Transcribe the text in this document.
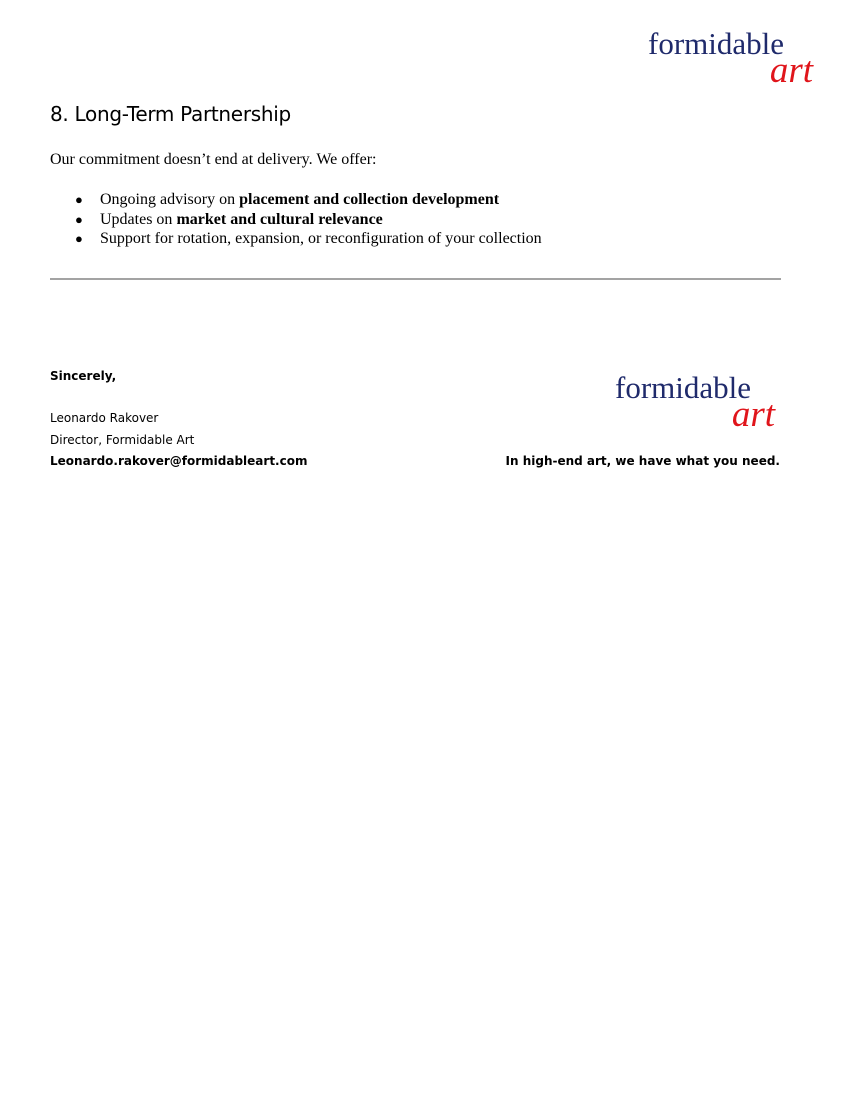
formidable
art
8. Long-Term Partnership

Our commitment doesn’t end at delivery. We offer:

● Ongoing advisory on placement and collection development
● Updates on market and cultural relevance
● Support for rotation, expansion, or reconfiguration of your collection

Sincerely,

Leonardo Rakover

Director, Formidable Art

Leonardo.rakover@formidableart.com

formidable
art

In high-end art, we have what you need.
